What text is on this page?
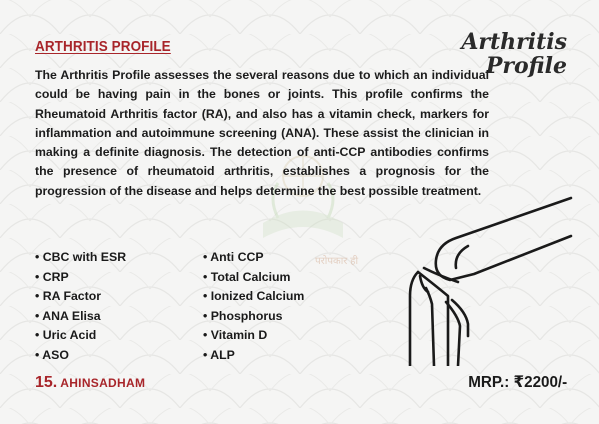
परोपकार ही
ARTHRITIS PROFILE	Arthritis
Profile

The Arthritis Profile assesses the several reasons due to which an individual could be having pain in the bones or joints. This profile confirms the Rheumatoid Arthritis factor (RA), and also has a vitamin check, markers for inflammation and autoimmune screening (ANA). These assist the clinician in making a definite diagnosis. The detection of anti-CCP antibodies confirms the presence of rheumatoid arthritis, establishes a prognosis for the progression of the disease and helps determine the best possible treatment.

• CBC with ESR
• CRP
• RA Factor
• ANA Elisa
• Uric Acid
• ASO
• Anti CCP
• Total Calcium
• Ionized Calcium
• Phosphorus
• Vitamin D
• ALP
15. AHINSADHAM	MRP.: ₹2200/-
